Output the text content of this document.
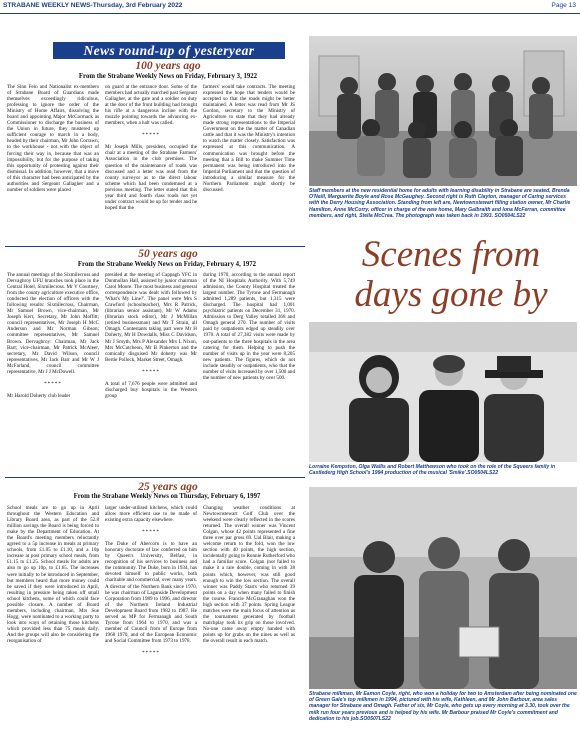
STRABANE WEEKLY NEWS-Thursday, 3rd February 2022	Page 13
News round-up of yesteryear
100 years ago
From the Strabane Weekly News on Friday, February 3, 1922

The Sinn Fein and Nationalist ex-members of Strabane Board of Guardians made themselves exceedingly ridiculous, professing to ignore the order of the Ministry of Home Affairs, dissolving the board and appointing Major McCormack as Commissioner to discharge the business of the Union in future, they mustered up sufficient courage to march in a body, headed by their chairman, Mr John Corrawn, to the workhouse - not with the object of forcing their way in, because that was an impossibility, but for the purpose of taking this opportunity of protesting against their dismissal. In addition, however, that a move of this character had been anticipated by the authorities and Sergeant Gallagher and a number of soldiers were placed

on guard at the entrance door. Some of the members had actually marched past Sergeant Gallagher, at the gate and a soldier on duty at the door of the front building had brought his rifle at a dangerous incline with the muzzle pointing towards the advancing ex-members, when a halt was called.

*****

Mr Joseph Mills, president, occupied the chair at a meeting of the Strabane Farmers' Association in the club premises. The question of the maintenance of roads was discussed and a letter was read from the county surveyor as to the direct labour scheme which had been condemned at a previous meeting. The letter stated that this year third and fourth class roads not yet under contract would be up for tender and he hoped that the

farmers' would take contracts. The meeting expressed the hope that tenders would be accepted so that the roads might be better maintained. A letter was read from Mr JS Gordon, secretary to the Ministry of Agriculture to state that they had already made strong representations to the Imperial Government on the the matter of Canadian cattle and that it was the Ministry's intention to watch the matter closely. Satisfaction was expressed at this communication. A communication was brought before the meeting that a Bill to make Summer Time permanent was being introduced into the Imperial Parliament and that the question of introducing a similar measure for the Northern Parliament might shortly be discussed.

50 years ago
From the Strabane Weekly News on Friday, February 4, 1972

The annual meetings of the Sixmilecross and Dervaghroy UFU branches took place in the Central Hotel, Sixmilecross. Mr V Courtney, from the county agriculture executive office, conducted the election of officers with the following results: Sixmilecross, Chairman, Mr Samuel Brown, vice-chairman, Mr Joseph Kerr, Secretary, Mr John Moffitt; council representatives, Mr Joseph H McC Anderson and Mr Norman Gibson; committee representatives, Mr Samuel Brown. Dervaghroy: Chairman, Mr Jack Barr; vice-chairman, Mr Patrick McAleer, secretary, Mr David Wilson, council representatives, Mr Jack Barr and Mr W J McFarland, council committee representative, Mr J J McDowell.

*****

Mr Harold Doherty club leader

presided at the meeting of Cappagh YFC in Dunmullan Hall, assisted by junior chairman Carol Moore. The most business and general correspondence was dealt with followed by 'What's My Line?'. The panel were Mrs S Crawford (schoolteacher), Mrs R Patrick, (librarian senior assistant), Mr W Adams (librarian stock editor), Mr J McMillan (retired businessman) and Mr T Strain, all Omagh. Contestants taking part were Mr H Doherty, Mr H Dowdalls, Miss C Davidson, Mr J Smyth, Mrs P Alexander Mrs L Nixon, Mrs McCutcheon, Mr B Pinkerton and the comically disguised Mr doherty was Mr Bertie Pollock, Market Street, Omagh.

*****

A total of 7,676 people were admitted and discharged buy hospitals in the Western group

during 1970, according to the annual report of the NI Hospitals Authority. With 5,749 admission, the County Hospital treated the largest number. The Tyrone and Fermanagh admitted 1,289 patients, but 1,315 were discharged. The hospital had 1,001 psychiatric patients on December 31, 1970. Admission to Derg Valley totalled 368 and Omagh general 270. The number of visits paid by outpatients edged up steadily over 1970. A total of 27,382 visits were made by out-patients to the three hospitals in the area catering for them. Helping to push the number of visits up in the year were 8,205 new patients. The figures, which do not include steadily or outpatients, who that the number of visits increased by over 1,500 and the number of new patients by over 500.

25 years ago
From the Strabane Weekly News on Thursday, February 6, 1997

School meals are to go up in April throughout the Western Education and Library Board area, as part of the 52.8 million savings the Board is being forced to make by the Department of Education. At the Board's meeting members reluctantly agreed to a 5p increase in meals at primary schools, from £1.05 to £1.10, and a 10p increase at post primary school meals, from £1.15 to £1.25. School meals for adults are also to go up 10p, to £1.65. The increases were initially to be introduced in September, but members heard that more money could be saved if they were introduced in April, resulting in pressure being taken off small school kitchens, some of which could face possible closure. A number of Board members, including chairman, Mrs Sue Hogg, were nominated to a working party to look into ways of retaining those kitchens which provided less than 75 meals daily. And the groups will also be considering the reorganisation of

larger under-utilised kitchens, which could allow more efficient use to be made of existing extra capacity elsewhere.

*****

The Duke of Abercorn is to have an honorary doctorate of law conferred on him by Queen's University, Belfast, in recognition of his services to business and the community. The Duke, born in 1934, has devoted himself to public works, both charitable and commercial, over many years. A director of the Northern Bank since 1970, he was chairman of Laganside Development Corporation from 1989 to 1996, and director of the Northern Ireland Industrial Development Board from 1982 to 1987. He served as MP for Fermanagh and South Tyrone from 1964 to 1970, and was a member of Council from of Europe from 1968 1970, and of the European Economic and Social Committee from 1973 to 1978.

*****

Changing weather conditions at Newtownstewart Golf Club over the weekend were clearly reflected in the scores returned. The overall winner was Vincent Colgan, whose 42 points represented a fine three over par gross 69. Ual Blair, making a welcome return to the fold, won the low section with 40 points, the high section, incidentally going to Ronnie Rutherford who had a familiar score. Colgan (not failed to make it a rare double, coming in with 38 points which, however, was still good enough to win the low section. The overall winner was Paddy Starrs who returned 39 points on a day when many failed to finish the course. Francie McGranaghan won the high section with 37 points. Spring League matches were the main focus of attention as the tournament generated by football matchplay took its grip on those involved. No-one came away empty handed with points up for grabs on the nines as well as the overall result in each match.

Staff members at the new residential home for adults with learning disability in Strabane are seated, Brenda O'Neill, Marguerite Boyle and Rose McGaughey. Second right is Ruth Clayton, manager of Caring services with the Derry Housing Association. Standing from left are, Newtownstewart filling station owner, Mr Charlie Hamilton, Anne McCorry, officer in charge of the new home, Mary Galbraith and Iona McFerran, committee members, and right, Stella McCrea. The photograph was taken back in 1993. SO0504LS22
Scenes from
days gone by
Lorraine Kempston, Olga Wallis and Robert Matthewson who took on the role of the Squeers family in Castlederg High School's 1994 production of the musical 'Smike'.SO0504LS22
Strabane milkman, Mr Eamon Coyle, right, who won a holiday for two to Amsterdam after being nominated one of Green Gale's top milkmen in 1994, pictured with his wife, Kathleen, and Mr John Barbour, area sales manager for Strabane and Omagh. Father of six, Mr Coyle, who gets up every morning at 3.30, took over the milk run four years previous and is helped by his wife. Mr Barbour praised Mr Coyle's commitment and dedication to his job.SO0507LS22
